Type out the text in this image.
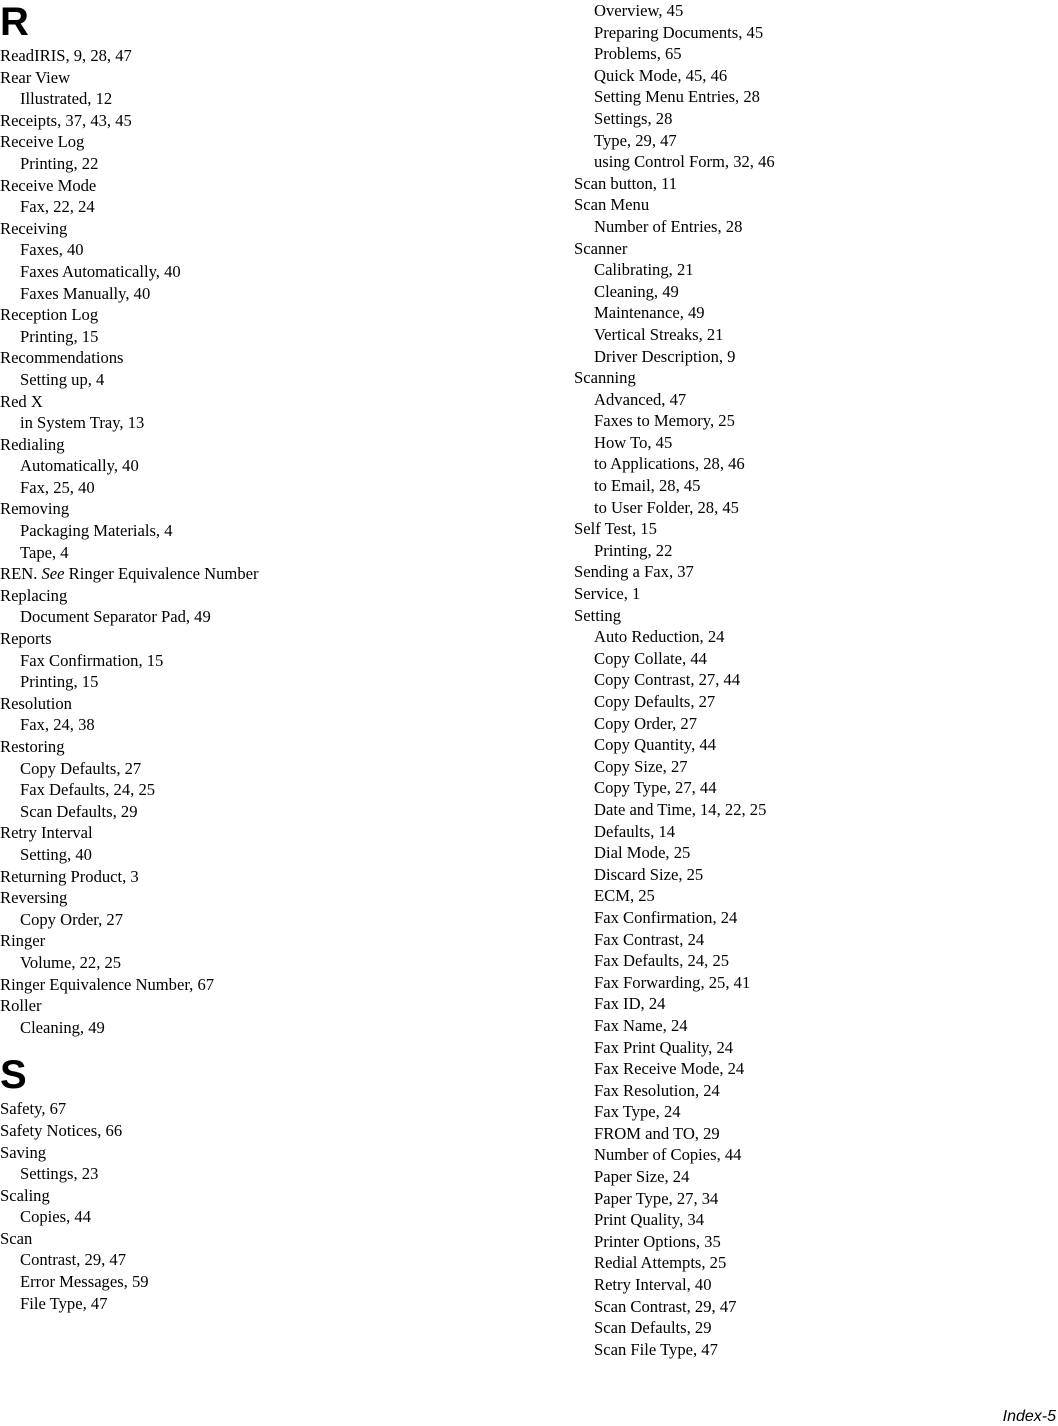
R
ReadIRIS, 9, 28, 47
Rear View
Illustrated, 12
Receipts, 37, 43, 45
Receive Log
Printing, 22
Receive Mode
Fax, 22, 24
Receiving
Faxes, 40
Faxes Automatically, 40
Faxes Manually, 40
Reception Log
Printing, 15
Recommendations
Setting up, 4
Red X
in System Tray, 13
Redialing
Automatically, 40
Fax, 25, 40
Removing
Packaging Materials, 4
Tape, 4
REN. See Ringer Equivalence Number
Replacing
Document Separator Pad, 49
Reports
Fax Confirmation, 15
Printing, 15
Resolution
Fax, 24, 38
Restoring
Copy Defaults, 27
Fax Defaults, 24, 25
Scan Defaults, 29
Retry Interval
Setting, 40
Returning Product, 3
Reversing
Copy Order, 27
Ringer
Volume, 22, 25
Ringer Equivalence Number, 67
Roller
Cleaning, 49
S
Safety, 67
Safety Notices, 66
Saving
Settings, 23
Scaling
Copies, 44
Scan
Contrast, 29, 47
Error Messages, 59
File Type, 47
Overview, 45
Preparing Documents, 45
Problems, 65
Quick Mode, 45, 46
Setting Menu Entries, 28
Settings, 28
Type, 29, 47
using Control Form, 32, 46
Scan button, 11
Scan Menu
Number of Entries, 28
Scanner
Calibrating, 21
Cleaning, 49
Maintenance, 49
Vertical Streaks, 21
Driver Description, 9
Scanning
Advanced, 47
Faxes to Memory, 25
How To, 45
to Applications, 28, 46
to Email, 28, 45
to User Folder, 28, 45
Self Test, 15
Printing, 22
Sending a Fax, 37
Service, 1
Setting
Auto Reduction, 24
Copy Collate, 44
Copy Contrast, 27, 44
Copy Defaults, 27
Copy Order, 27
Copy Quantity, 44
Copy Size, 27
Copy Type, 27, 44
Date and Time, 14, 22, 25
Defaults, 14
Dial Mode, 25
Discard Size, 25
ECM, 25
Fax Confirmation, 24
Fax Contrast, 24
Fax Defaults, 24, 25
Fax Forwarding, 25, 41
Fax ID, 24
Fax Name, 24
Fax Print Quality, 24
Fax Receive Mode, 24
Fax Resolution, 24
Fax Type, 24
FROM and TO, 29
Number of Copies, 44
Paper Size, 24
Paper Type, 27, 34
Print Quality, 34
Printer Options, 35
Redial Attempts, 25
Retry Interval, 40
Scan Contrast, 29, 47
Scan Defaults, 29
Scan File Type, 47
Index-5
